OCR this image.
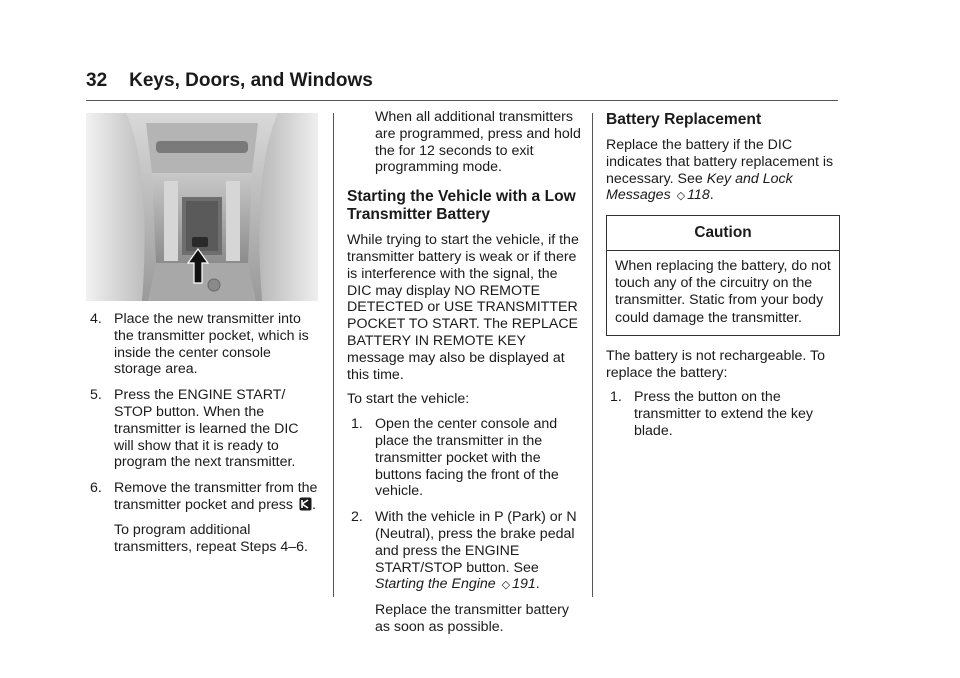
32 Keys, Doors, and Windows
4. Place the new transmitter into the transmitter pocket, which is inside the center console storage area.
5. Press the ENGINE START/ STOP button. When the transmitter is learned the DIC will show that it is ready to program the next transmitter.
6. Remove the transmitter from the transmitter pocket and press .

To program additional transmitters, repeat Steps 4–6.

When all additional transmitters are programmed, press and hold the for 12 seconds to exit programming mode.

Starting the Vehicle with a Low Transmitter Battery

While trying to start the vehicle, if the transmitter battery is weak or if there is interference with the signal, the DIC may display NO REMOTE DETECTED or USE TRANSMITTER POCKET TO START. The REPLACE BATTERY IN REMOTE KEY message may also be displayed at this time.

To start the vehicle:

1. Open the center console and place the transmitter in the transmitter pocket with the buttons facing the front of the vehicle.
2. With the vehicle in P (Park) or N (Neutral), press the brake pedal and press the ENGINE START/STOP button. See Starting the Engine ◇ 191.

Replace the transmitter battery as soon as possible.

Battery Replacement

Replace the battery if the DIC indicates that battery replacement is necessary. See Key and Lock Messages ◇ 118.

Caution
When replacing the battery, do not touch any of the circuitry on the transmitter. Static from your body could damage the transmitter.

The battery is not rechargeable. To replace the battery:

1. Press the button on the transmitter to extend the key blade.
